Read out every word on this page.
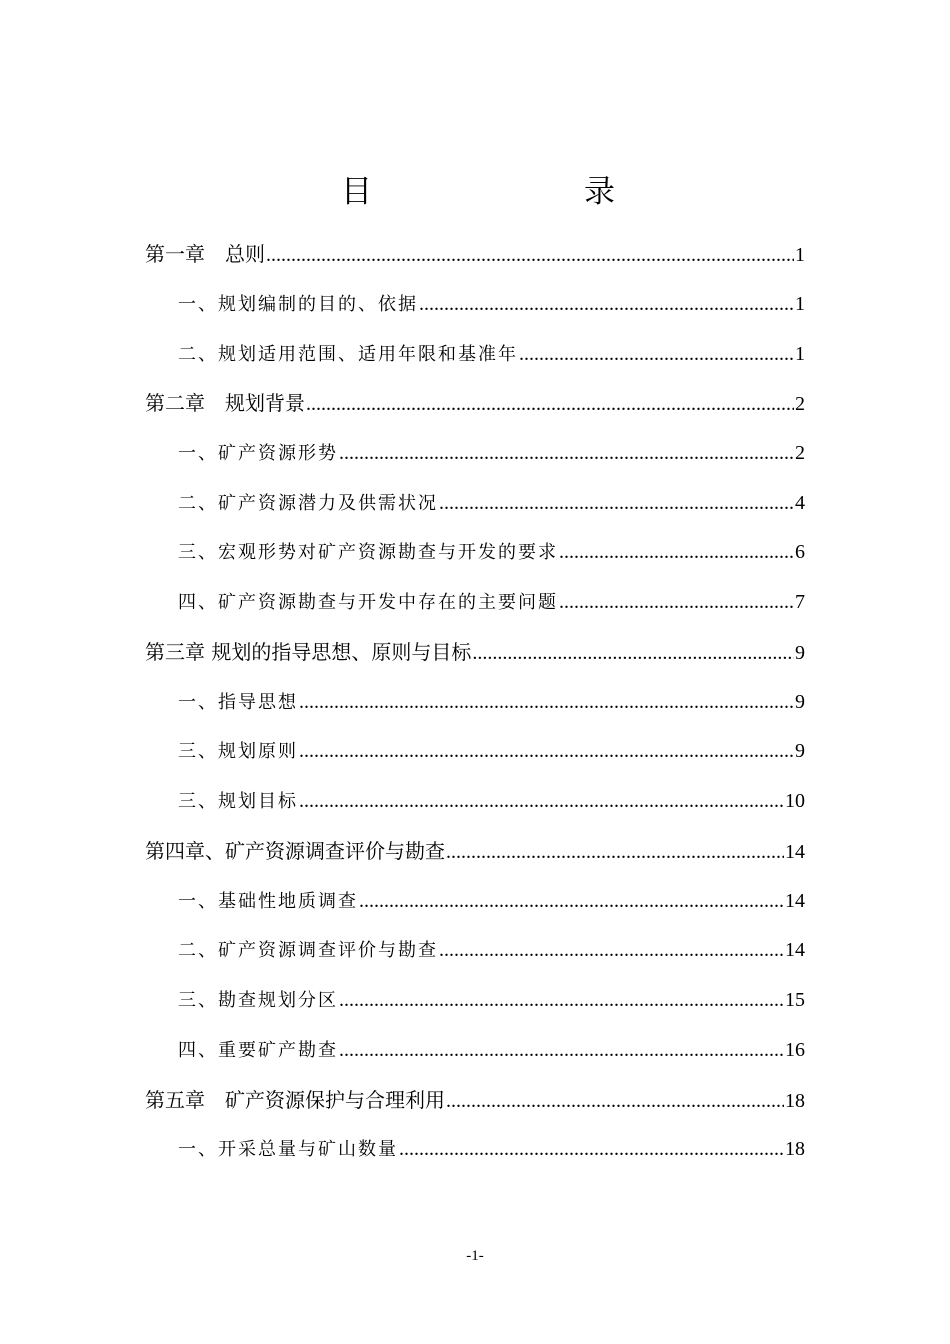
目	录
第一章　总则 .....	1
一、规划编制的目的、依据 .....	1
二、规划适用范围、适用年限和基准年 .....	1
第二章　规划背景 .....	2
一、矿产资源形势 .....	2
二、矿产资源潜力及供需状况 .....	4
三、宏观形势对矿产资源勘查与开发的要求 .....	6
四、矿产资源勘查与开发中存在的主要问题 .....	7
第三章 规划的指导思想、原则与目标 .....	9
一、指导思想 .....	9
三、规划原则 .....	9
三、规划目标 .....	10
第四章、矿产资源调查评价与勘查 .....	14
一、基础性地质调查 .....	14
二、矿产资源调查评价与勘查 .....	14
三、勘查规划分区 .....	15
四、重要矿产勘查 .....	16
第五章　矿产资源保护与合理利用 .....	18
一、开采总量与矿山数量 .....	18
-1-
